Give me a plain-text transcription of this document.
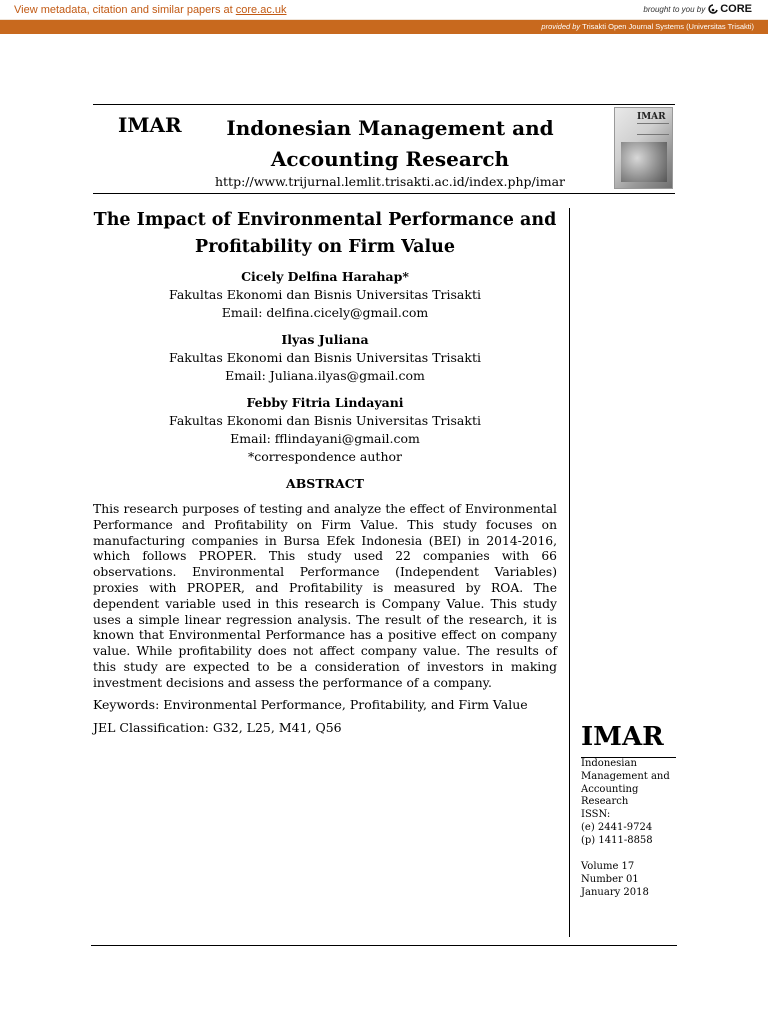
View metadata, citation and similar papers at core.ac.uk	brought to you by CORE
provided by Trisakti Open Journal Systems (Universitas Trisakti)
IMAR	Indonesian Management and
Accounting Research
http://www.trijurnal.lemlit.trisakti.ac.id/index.php/imar
IMAR
The Impact of Environmental Performance and
Profitability on Firm Value
Cicely Delfina Harahap*
Fakultas Ekonomi dan Bisnis Universitas Trisakti
Email: delfina.cicely@gmail.com
Ilyas Juliana
Fakultas Ekonomi dan Bisnis Universitas Trisakti
Email: Juliana.ilyas@gmail.com
Febby Fitria Lindayani
Fakultas Ekonomi dan Bisnis Universitas Trisakti
Email: fflindayani@gmail.com
*correspondence author
ABSTRACT

This research purposes of testing and analyze the effect of Environmental Performance and Profitability on Firm Value. This study focuses on manufacturing companies in Bursa Efek Indonesia (BEI) in 2014-2016, which follows PROPER. This study used 22 companies with 66 observations. Environmental Performance (Independent Variables) proxies with PROPER, and Profitability is measured by ROA. The dependent variable used in this research is Company Value. This study uses a simple linear regression analysis. The result of the research, it is known that Environmental Performance has a positive effect on company value. While profitability does not affect company value. The results of this study are expected to be a consideration of investors in making investment decisions and assess the performance of a company.

Keywords: Environmental Performance, Profitability, and Firm Value
JEL Classification: G32, L25, M41, Q56	IMAR
Indonesian
Management and
Accounting
Research
ISSN:
(e) 2441-9724
(p) 1411-8858
Volume 17
Number 01
January 2018
